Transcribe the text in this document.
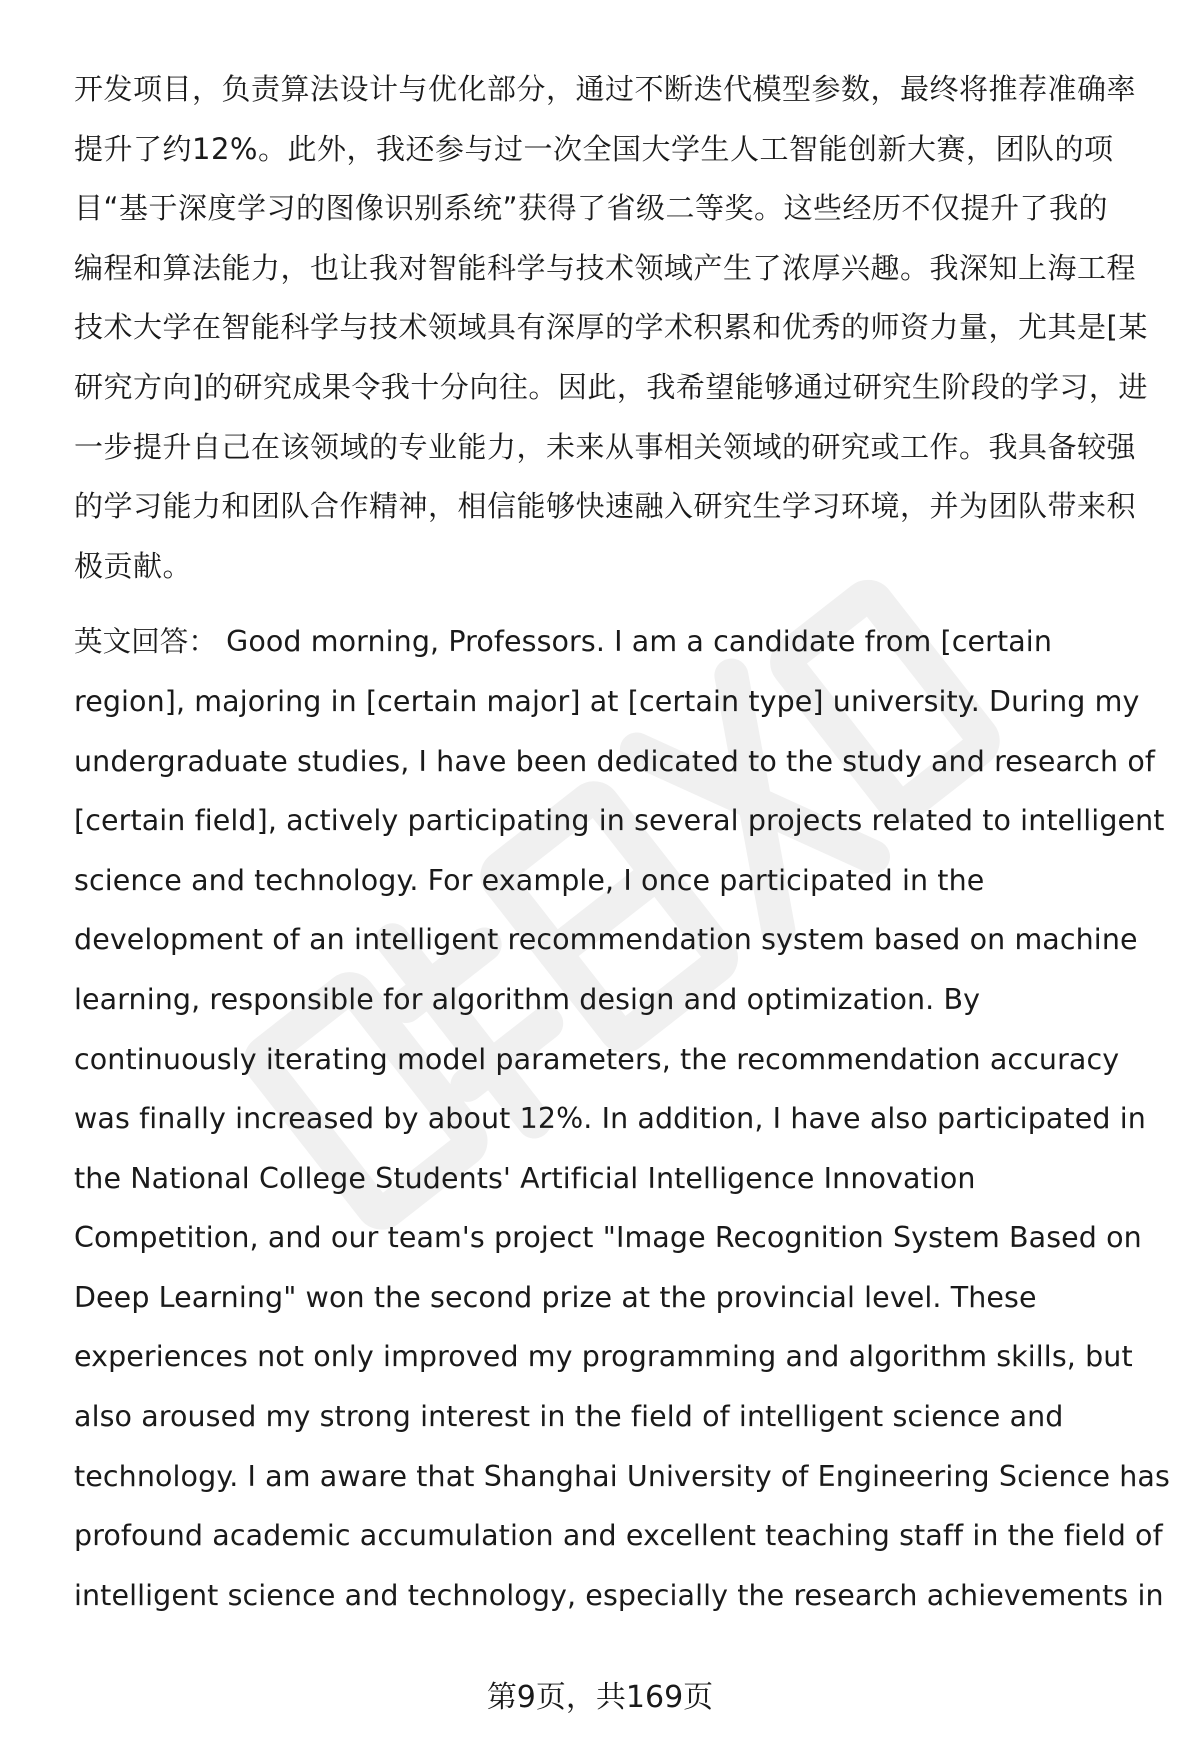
开发项目，负责算法设计与优化部分，通过不断迭代模型参数，最终将推荐准确率
提升了约12%。此外，我还参与过一次全国大学生人工智能创新大赛，团队的项
目“基于深度学习的图像识别系统”获得了省级二等奖。这些经历不仅提升了我的
编程和算法能力，也让我对智能科学与技术领域产生了浓厚兴趣。我深知上海工程
技术大学在智能科学与技术领域具有深厚的学术积累和优秀的师资力量，尤其是[某
研究方向]的研究成果令我十分向往。因此，我希望能够通过研究生阶段的学习，进
一步提升自己在该领域的专业能力，未来从事相关领域的研究或工作。我具备较强
的学习能力和团队合作精神，相信能够快速融入研究生学习环境，并为团队带来积
极贡献。

英文回答： Good morning, Professors. I am a candidate from [certain
region], majoring in [certain major] at [certain type] university. During my
undergraduate studies, I have been dedicated to the study and research of
[certain field], actively participating in several projects related to intelligent
science and technology. For example, I once participated in the
development of an intelligent recommendation system based on machine
learning, responsible for algorithm design and optimization. By
continuously iterating model parameters, the recommendation accuracy
was finally increased by about 12%. In addition, I have also participated in
the National College Students' Artificial Intelligence Innovation
Competition, and our team's project "Image Recognition System Based on
Deep Learning" won the second prize at the provincial level. These
experiences not only improved my programming and algorithm skills, but
also aroused my strong interest in the field of intelligent science and
technology. I am aware that Shanghai University of Engineering Science has
profound academic accumulation and excellent teaching staff in the field of
intelligent science and technology, especially the research achievements in

第9页，共169页
